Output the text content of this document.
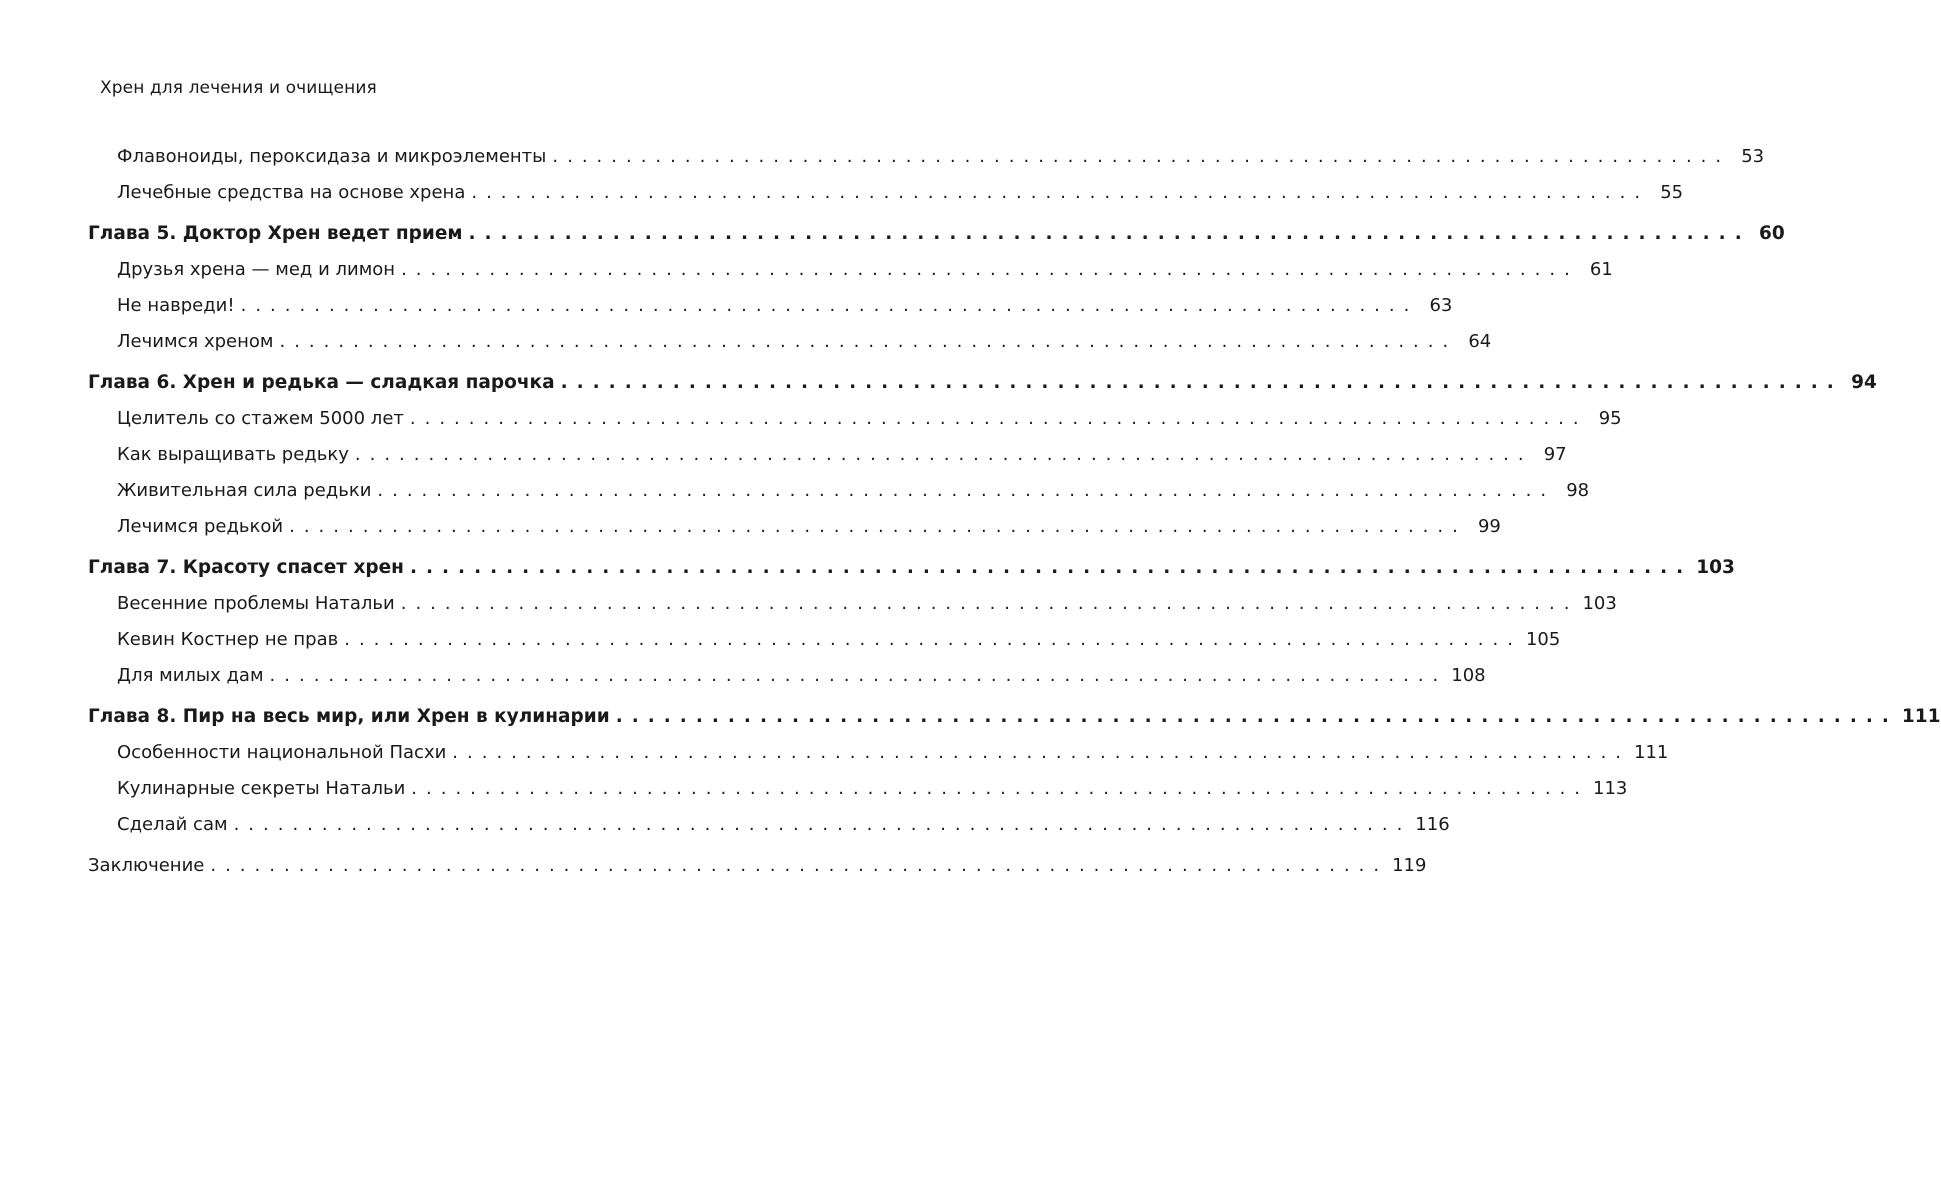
Хрен для лечения и очищения
Флавоноиды, пероксидаза и микроэлементы ................................................................................ 53
Лечебные средства на основе хрена ................................................................................ 55
Глава 5. Доктор Хрен ведет прием ................................................................................ 60
Друзья хрена — мед и лимон ................................................................................ 61
Не навреди! ................................................................................ 63
Лечимся хреном ................................................................................ 64
Глава 6. Хрен и редька — сладкая парочка ................................................................................ 94
Целитель со стажем 5000 лет ................................................................................ 95
Как выращивать редьку ................................................................................ 97
Живительная сила редьки ................................................................................ 98
Лечимся редькой ................................................................................ 99
Глава 7. Красоту спасет хрен ................................................................................ 103
Весенние проблемы Натальи ................................................................................ 103
Кевин Костнер не прав ................................................................................ 105
Для милых дам ................................................................................ 108
Глава 8. Пир на весь мир, или Хрен в кулинарии ................................................................................ 111
Особенности национальной Пасхи ................................................................................ 111
Кулинарные секреты Натальи ................................................................................ 113
Сделай сам ................................................................................ 116
Заключение ................................................................................ 119
